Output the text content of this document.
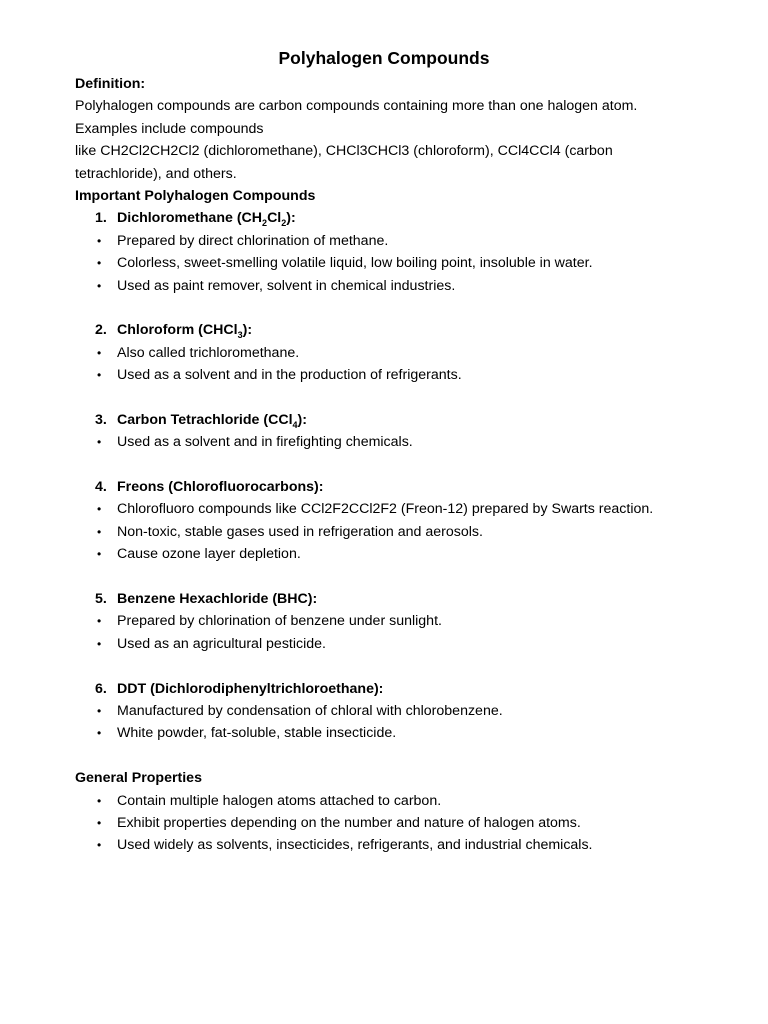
Polyhalogen Compounds
Definition:
Polyhalogen compounds are carbon compounds containing more than one halogen atom.
Examples include compounds
like CH2Cl2CH2Cl2 (dichloromethane), CHCl3CHCl3 (chloroform), CCl4CCl4 (carbon
tetrachloride), and others.
Important Polyhalogen Compounds
1. Dichloromethane $(CH_2Cl_2)$:
• Prepared by direct chlorination of methane.
• Colorless, sweet-smelling volatile liquid, low boiling point, insoluble in water.
• Used as paint remover, solvent in chemical industries.
2. Chloroform (CHCl$_3$):
• Also called trichloromethane.
• Used as a solvent and in the production of refrigerants.
3. Carbon Tetrachloride (CCl$_4$):
• Used as a solvent and in firefighting chemicals.
4. Freons (Chlorofluorocarbons):
• Chlorofluoro compounds like CCl2F2CCl2F2 (Freon-12) prepared by Swarts reaction.
• Non-toxic, stable gases used in refrigeration and aerosols.
• Cause ozone layer depletion.
5. Benzene Hexachloride (BHC):
• Prepared by chlorination of benzene under sunlight.
• Used as an agricultural pesticide.
6. DDT (Dichlorodiphenyltrichloroethane):
• Manufactured by condensation of chloral with chlorobenzene.
• White powder, fat-soluble, stable insecticide.
General Properties
• Contain multiple halogen atoms attached to carbon.
• Exhibit properties depending on the number and nature of halogen atoms.
• Used widely as solvents, insecticides, refrigerants, and industrial chemicals.
